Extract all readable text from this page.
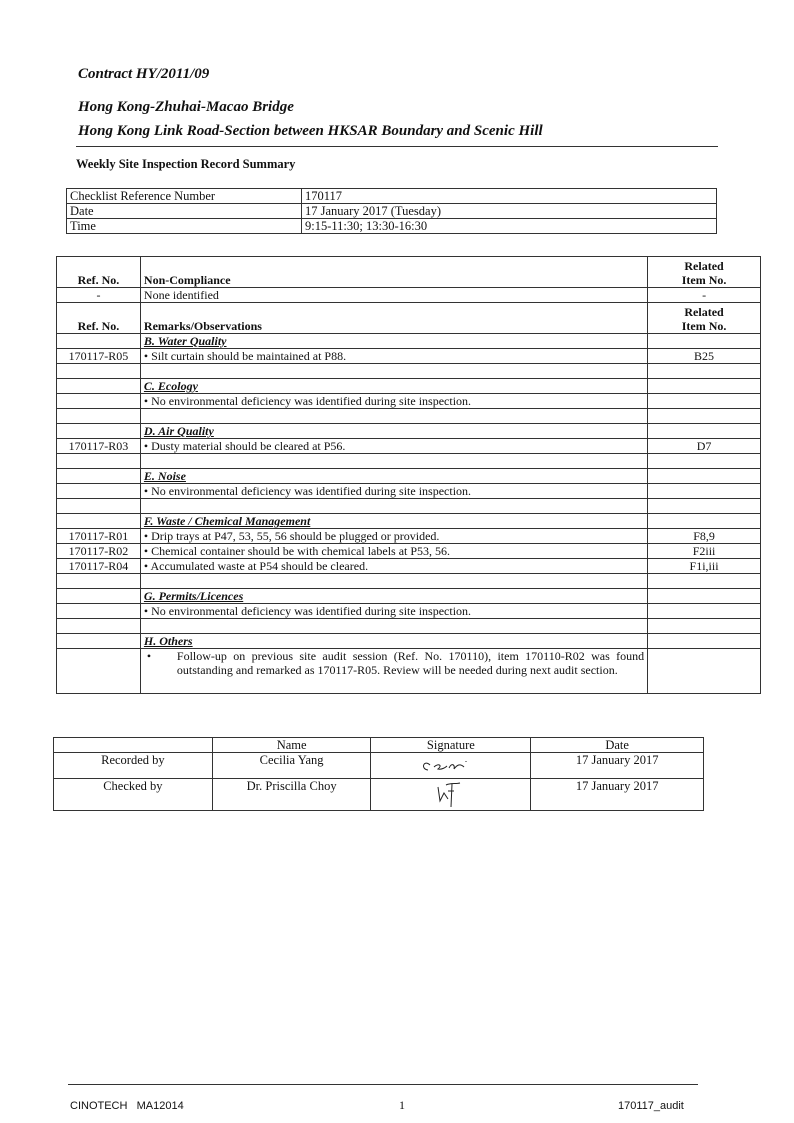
Contract HY/2011/09
Hong Kong-Zhuhai-Macao Bridge
Hong Kong Link Road-Section between HKSAR Boundary and Scenic Hill
Weekly Site Inspection Record Summary
Checklist Reference Number	170117
Date	17 January 2017 (Tuesday)
Time	9:15-11:30; 13:30-16:30
Ref. No.	Non-Compliance	Related
Item No.
-	None identified	-
Ref. No.	Remarks/Observations	Related
Item No.
	B. Water Quality	
170117-R05	• Silt curtain should be maintained at P88.	B25

	C. Ecology	
	• No environmental deficiency was identified during site inspection.	

	D. Air Quality	
170117-R03	• Dusty material should be cleared at P56.	D7

	E. Noise	
	• No environmental deficiency was identified during site inspection.	

	F. Waste / Chemical Management	
170117-R01	• Drip trays at P47, 53, 55, 56 should be plugged or provided.	F8,9
170117-R02	• Chemical container should be with chemical labels at P53, 56.	F2iii
170117-R04	• Accumulated waste at P54 should be cleared.	F1i,iii

	G. Permits/Licences	
	• No environmental deficiency was identified during site inspection.	

	H. Others	

	• Follow-up on previous site audit session (Ref. No. 170110), item 170110-R02 was found outstanding and remarked as 170117-R05. Review will be needed during next audit section.	

	Name	Signature	Date
Recorded by	Cecilia Yang		17 January 2017
Checked by	Dr. Priscilla Choy		17 January 2017
CINOTECH   MA12014	1	170117_audit
